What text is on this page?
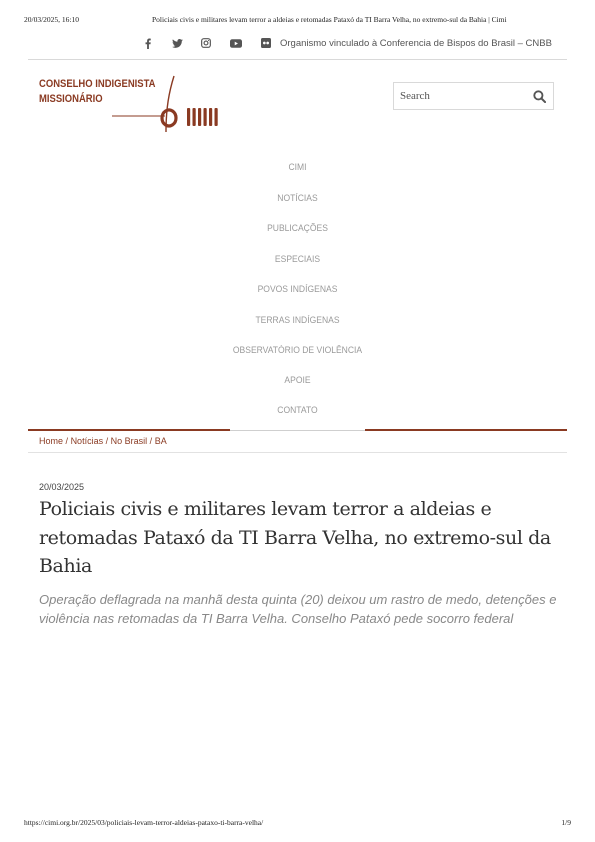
20/03/2025, 16:10	Policiais civis e militares levam terror a aldeias e retomadas Pataxó da TI Barra Velha, no extremo-sul da Bahia | Cimi
Organismo vinculado à Conferencia de Bispos do Brasil – CNBB
CONSELHO INDIGENISTA
MISSIONÁRIO
Search
CIMI
NOTÍCIAS
PUBLICAÇÕES
ESPECIAIS
POVOS INDÍGENAS
TERRAS INDÍGENAS
OBSERVATÓRIO DE VIOLÊNCIA
APOIE
CONTATO
Home / Notícias / No Brasil / BA
20/03/2025
Policiais civis e militares levam terror a aldeias e retomadas Pataxó da TI Barra Velha, no extremo-sul da Bahia

Operação deflagrada na manhã desta quinta (20) deixou um rastro de medo, detenções e violência nas retomadas da TI Barra Velha. Conselho Pataxó pede socorro federal

https://cimi.org.br/2025/03/policiais-levam-terror-aldeias-pataxo-ti-barra-velha/	1/9
